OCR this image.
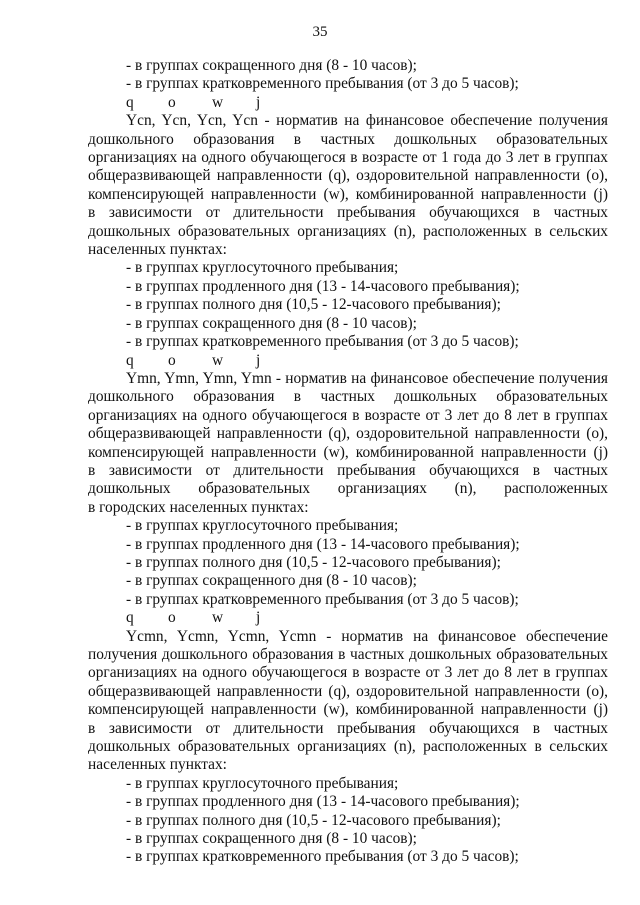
35
- в группах сокращенного дня (8 - 10 часов);
- в группах кратковременного пребывания (от 3 до 5 часов);
q o w j
Yсn, Yсn, Yсn, Yсn - норматив на финансовое обеспечение получения
дошкольного образования в частных дошкольных образовательных
организациях на одного обучающегося в возрасте от 1 года до 3 лет в группах
общеразвивающей направленности (q), оздоровительной направленности (o),
компенсирующей направленности (w), комбинированной направленности (j)
в зависимости от длительности пребывания обучающихся в частных
дошкольных образовательных организациях (n), расположенных в сельских
населенных пунктах:
- в группах круглосуточного пребывания;
- в группах продленного дня (13 - 14-часового пребывания);
- в группах полного дня (10,5 - 12-часового пребывания);
- в группах сокращенного дня (8 - 10 часов);
- в группах кратковременного пребывания (от 3 до 5 часов);
q o w j
Ymn, Ymn, Ymn, Ymn - норматив на финансовое обеспечение получения
дошкольного образования в частных дошкольных образовательных
организациях на одного обучающегося в возрасте от 3 лет до 8 лет в группах
общеразвивающей направленности (q), оздоровительной направленности (o),
компенсирующей направленности (w), комбинированной направленности (j)
в зависимости от длительности пребывания обучающихся в частных
дошкольных образовательных организациях (n), расположенных
в городских населенных пунктах:
- в группах круглосуточного пребывания;
- в группах продленного дня (13 - 14-часового пребывания);
- в группах полного дня (10,5 - 12-часового пребывания);
- в группах сокращенного дня (8 - 10 часов);
- в группах кратковременного пребывания (от 3 до 5 часов);
q o w j
Yсmn, Yсmn, Yсmn, Yсmn - норматив на финансовое обеспечение
получения дошкольного образования в частных дошкольных образовательных
организациях на одного обучающегося в возрасте от 3 лет до 8 лет в группах
общеразвивающей направленности (q), оздоровительной направленности (o),
компенсирующей направленности (w), комбинированной направленности (j)
в зависимости от длительности пребывания обучающихся в частных
дошкольных образовательных организациях (n), расположенных в сельских
населенных пунктах:
- в группах круглосуточного пребывания;
- в группах продленного дня (13 - 14-часового пребывания);
- в группах полного дня (10,5 - 12-часового пребывания);
- в группах сокращенного дня (8 - 10 часов);
- в группах кратковременного пребывания (от 3 до 5 часов);
